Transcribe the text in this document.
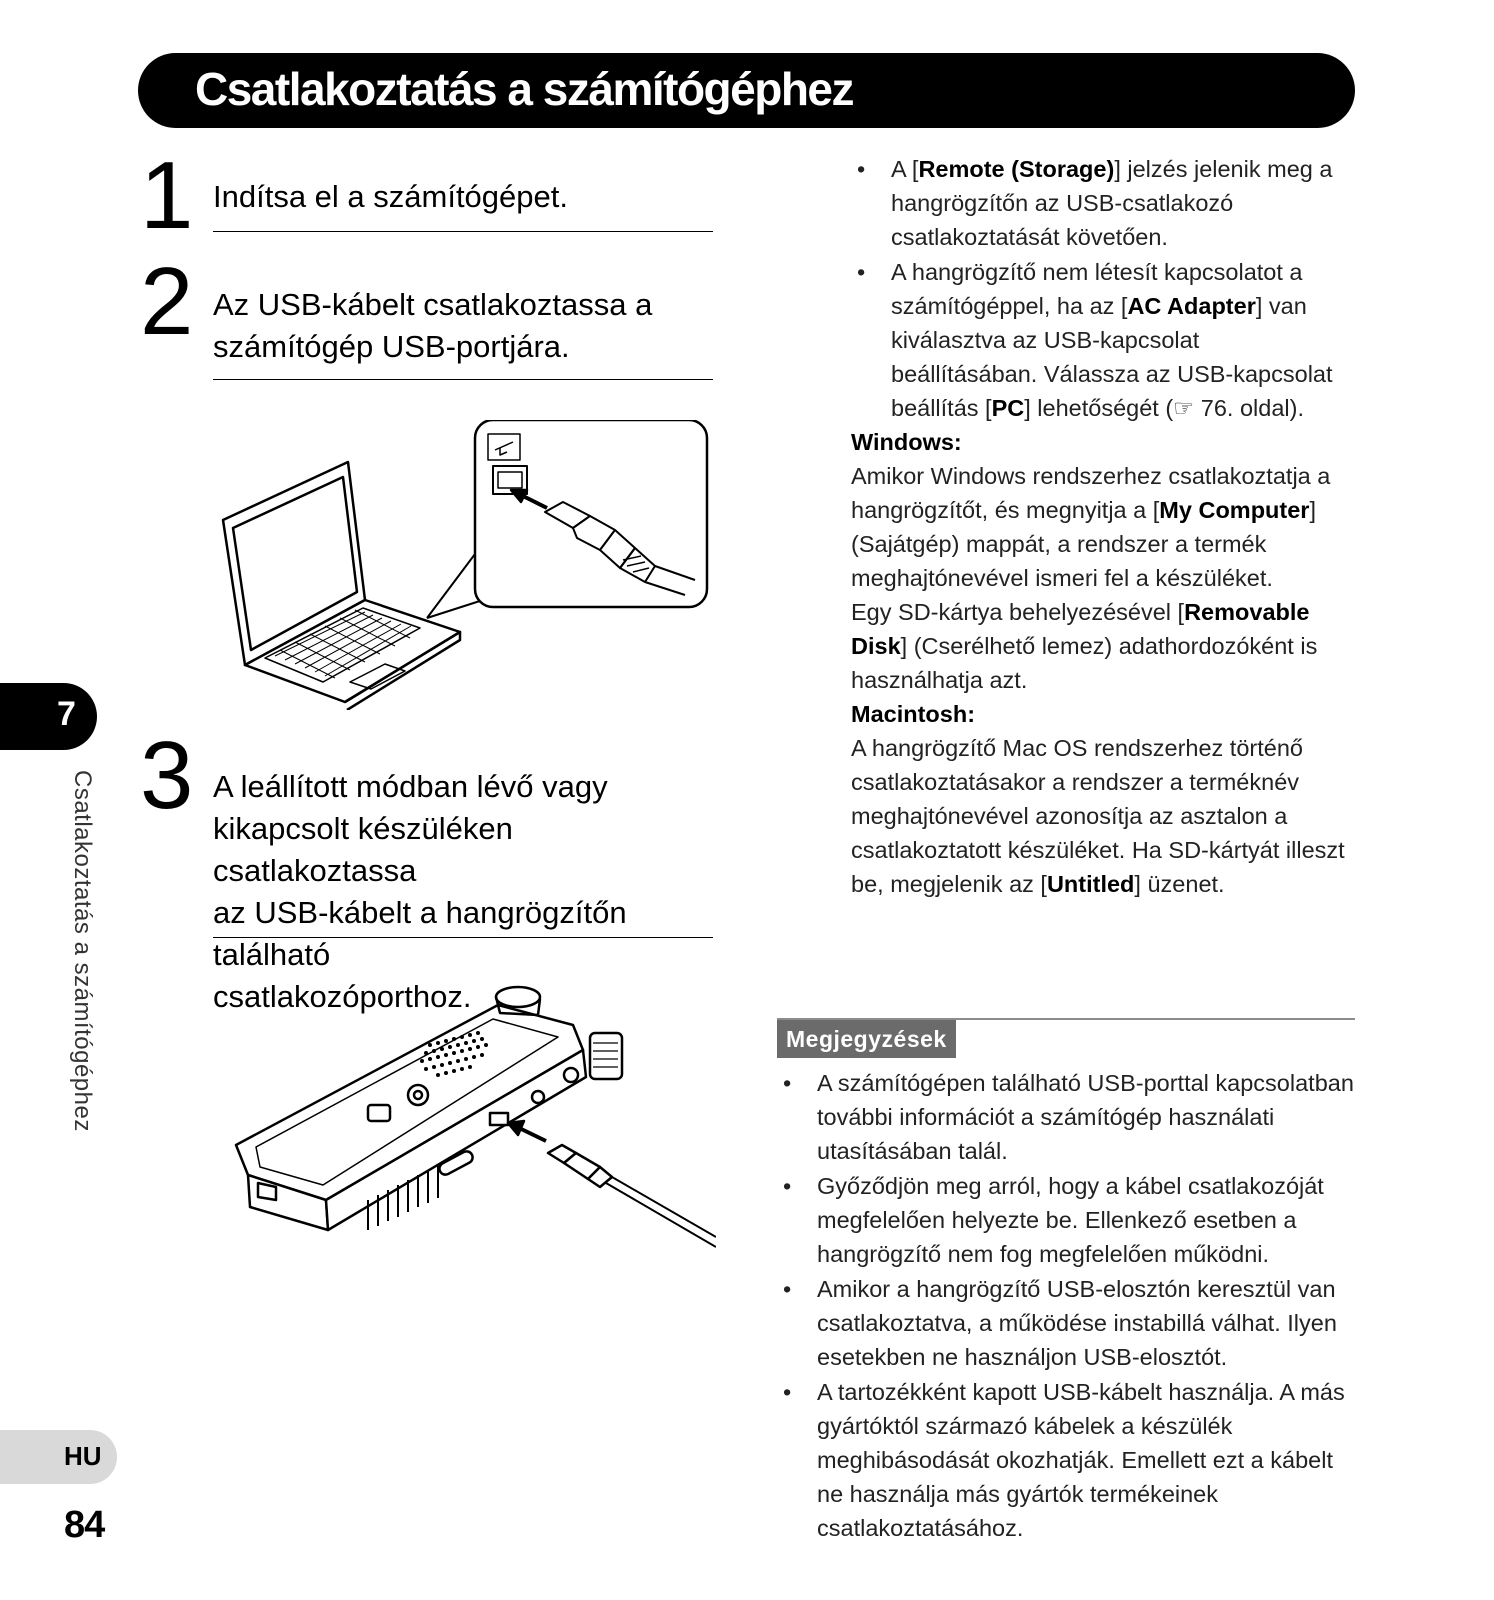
Csatlakoztatás a számítógéphez
1 Indítsa el a számítógépet.
2 Az USB-kábelt csatlakoztassa a
számítógép USB-portjára.
3 A leállított módban lévő vagy
kikapcsolt készüléken csatlakoztassa
az USB-kábelt a hangrögzítőn található
csatlakozóporthoz.
• A [Remote (Storage)] jelzés jelenik meg a hangrögzítőn az USB-csatlakozó csatlakoztatását követően.
• A hangrögzítő nem létesít kapcsolatot a számítógéppel, ha az [AC Adapter] van kiválasztva az USB-kapcsolat beállításában. Válassza az USB-kapcsolat beállítás [PC] lehetőségét (☞ 76. oldal).
Windows:

Amikor Windows rendszerhez csatlakoztatja a hangrögzítőt, és megnyitja a [My Computer] (Sajátgép) mappát, a rendszer a termék meghajtónevével ismeri fel a készüléket.

Egy SD-kártya behelyezésével [Removable Disk] (Cserélhető lemez) adathordozóként is használhatja azt.

Macintosh:

A hangrögzítő Mac OS rendszerhez történő csatlakoztatásakor a rendszer a terméknév meghajtónevével azonosítja az asztalon a csatlakoztatott készüléket. Ha SD-kártyát illeszt be, megjelenik az [Untitled] üzenet.

Megjegyzések
• A számítógépen található USB-porttal kapcsolatban további információt a számítógép használati utasításában talál.
• Győződjön meg arról, hogy a kábel csatlakozóját megfelelően helyezte be. Ellenkező esetben a hangrögzítő nem fog megfelelően működni.
• Amikor a hangrögzítő USB-elosztón keresztül van csatlakoztatva, a működése instabillá válhat. Ilyen esetekben ne használjon USB-elosztót.
• A tartozékként kapott USB-kábelt használja. A más gyártóktól származó kábelek a készülék meghibásodását okozhatják. Emellett ezt a kábelt ne használja más gyártók termékeinek csatlakoztatásához.
7
Csatlakoztatás a számítógéphez
HU
84
